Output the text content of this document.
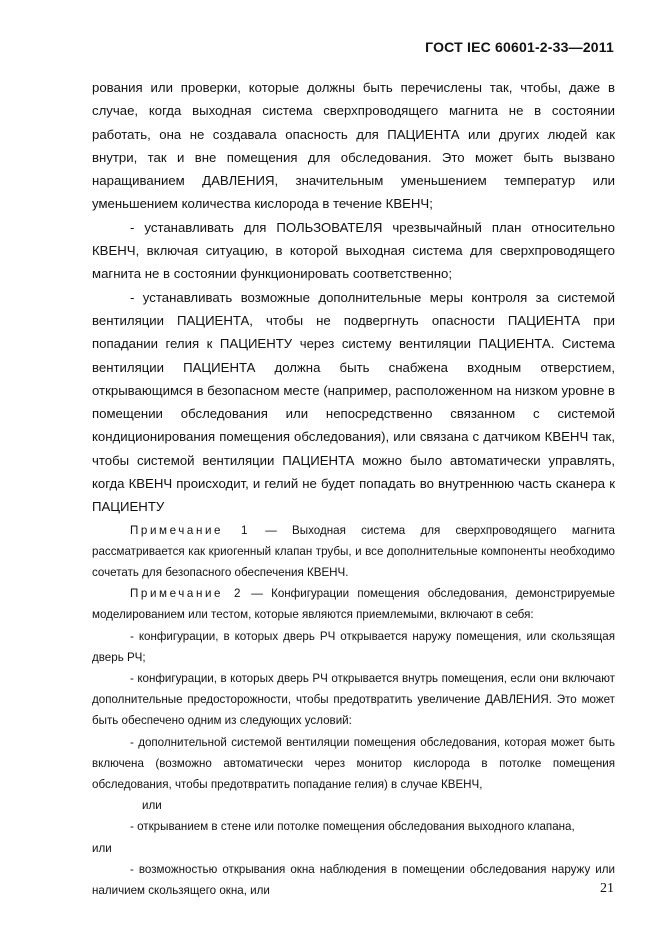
ГОСТ IEC 60601-2-33—2011

рования или проверки, которые должны быть перечислены так, чтобы, даже в случае, когда выходная система сверхпроводящего магнита не в состоянии работать, она не создавала опасность для ПАЦИЕНТА или других людей как внутри, так и вне помещения для обследования. Это может быть вызвано наращиванием ДАВЛЕНИЯ, значительным уменьшением температур или уменьшением количества кислорода в течение КВЕНЧ;

- устанавливать для ПОЛЬЗОВАТЕЛЯ чрезвычайный план относительно КВЕНЧ, включая ситуацию, в которой выходная система для сверхпроводящего магнита не в состоянии функционировать соответственно;

- устанавливать возможные дополнительные меры контроля за системой вентиляции ПАЦИЕНТА, чтобы не подвергнуть опасности ПАЦИЕНТА при попадании гелия к ПАЦИЕНТУ через систему вентиляции ПАЦИЕНТА. Система вентиляции ПАЦИЕНТА должна быть снабжена входным отверстием, открывающимся в безопасном месте (например, расположенном на низком уровне в помещении обследования или непосредственно связанном с системой кондиционирования помещения обследования), или связана с датчиком КВЕНЧ так, чтобы системой вентиляции ПАЦИЕНТА можно было автоматически управлять, когда КВЕНЧ происходит, и гелий не будет попадать во внутреннюю часть сканера к ПАЦИЕНТУ

Примечание 1 — Выходная система для сверхпроводящего магнита рассматривается как криогенный клапан трубы, и все дополнительные компоненты необходимо сочетать для безопасного обеспечения КВЕНЧ.

Примечание 2 — Конфигурации помещения обследования, демонстрируемые моделированием или тестом, которые являются приемлемыми, включают в себя:

- конфигурации, в которых дверь РЧ открывается наружу помещения, или скользящая дверь РЧ;

- конфигурации, в которых дверь РЧ открывается внутрь помещения, если они включают дополнительные предосторожности, чтобы предотвратить увеличение ДАВЛЕНИЯ. Это может быть обеспечено одним из следующих условий:

- дополнительной системой вентиляции помещения обследования, которая может быть включена (возможно автоматически через монитор кислорода в потолке помещения обследования, чтобы предотвратить попадание гелия) в случае КВЕНЧ,

или

- открыванием в стене или потолке помещения обследования выходного клапана,

или

- возможностью открывания окна наблюдения в помещении обследования наружу или наличием скользящего окна, или	21
